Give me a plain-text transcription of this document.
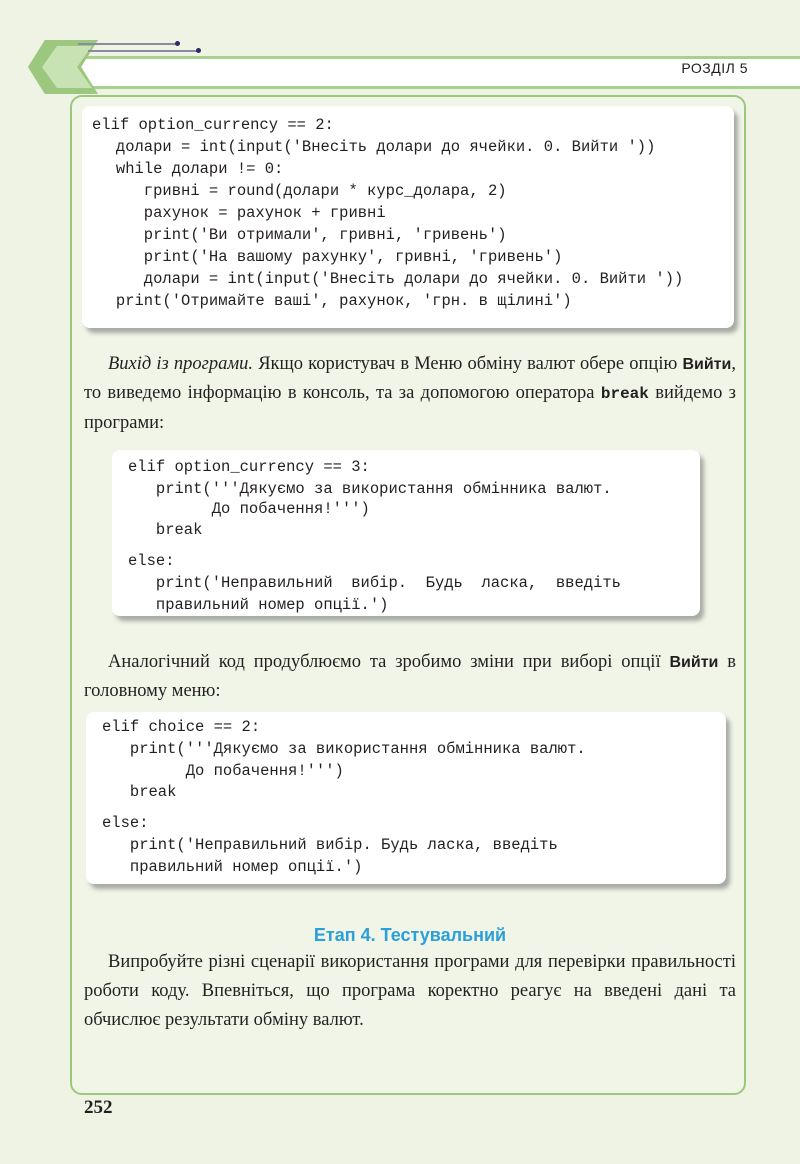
РОЗДІЛ 5
elif option_currency == 2:
долари = int(input('Внесіть долари до ячейки. 0. Вийти '))
while долари != 0:
гривні = round(долари * курс_долара, 2)
рахунок = рахунок + гривні
print('Ви отримали', гривні, 'гривень')
print('На вашому рахунку', гривні, 'гривень')
долари = int(input('Внесіть долари до ячейки. 0. Вийти '))
print('Отримайте ваші', рахунок, 'грн. в щілині')
Вихід із програми. Якщо користувач в Меню обміну валют обере опцію Вийти, то виведемо інформацію в консоль, та за допомогою оператора break вийдемо з програми:
elif option_currency == 3:
print('''Дякуємо за використання обмінника валют.
До побачення!''')
break
else:
print('Неправильний  вибір.  Будь  ласка,  введіть
правильний номер опції.')
Аналогічний код продублюємо та зробимо зміни при виборі опції Вийти в головному меню:
elif choice == 2:
print('''Дякуємо за використання обмінника валют.
До побачення!''')
break
else:
print('Неправильний вибір. Будь ласка, введіть
правильний номер опції.')
Етап 4. Тестувальний
Випробуйте різні сценарії використання програми для перевірки правильності роботи коду. Впевніться, що програма коректно реагує на введені дані та обчислює результати обміну валют.
252
